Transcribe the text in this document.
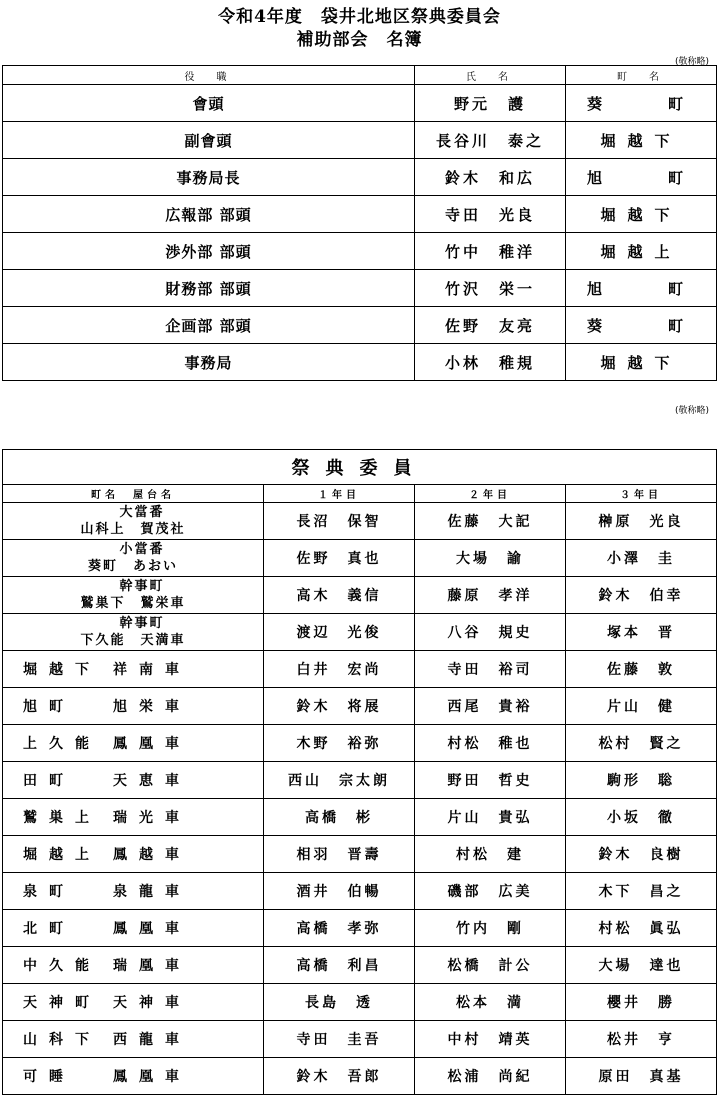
令和4年度　袋井北地区祭典委員会
補助部会　名簿
(敬称略)
役　職	氏　名	町　名
會頭	野元　護	葵　　町
副會頭	長谷川　泰之	堀越下
事務局長	鈴木　和広	旭　　町
広報部 部頭	寺田　光良	堀越下
渉外部 部頭	竹中　稚洋	堀越上
財務部 部頭	竹沢　栄一	旭　　町
企画部 部頭	佐野　友亮	葵　　町
事務局	小林　稚規	堀越下
(敬称略)
祭典委員			
町名　屋台名	１年目	２年目	３年目

大當番
山科上　賀茂社	長沼　保智	佐藤　大記	榊原　光良

小當番
葵町　あおい	佐野　真也	大場　諭	小澤　圭

幹事町
鷲巣下　鷲栄車	高木　義信	藤原　孝洋	鈴木　伯幸

幹事町
下久能　天満車	渡辺　光俊	八谷　規史	塚本　晋
堀越下 祥南車	白井　宏尚	寺田　裕司	佐藤　敦
旭町 旭栄車	鈴木　将展	西尾　貴裕	片山　健
上久能 鳳凰車	木野　裕弥	村松　稚也	松村　賢之
田町 天恵車	西山　宗太朗	野田　哲史	駒形　聡
鷲巣上 瑞光車	高橋　彬	片山　貴弘	小坂　徹
堀越上 鳳越車	相羽　晋壽	村松　建	鈴木　良樹
泉町 泉龍車	酒井　伯暢	磯部　広美	木下　昌之
北町 鳳凰車	高橋　孝弥	竹内　剛	村松　眞弘
中久能 瑞凰車	高橋　利昌	松橋　計公	大場　達也
天神町 天神車	長島　透	松本　満	櫻井　勝
山科下 西龍車	寺田　圭吾	中村　靖英	松井　亨
可睡 鳳凰車	鈴木　吾郎	松浦　尚紀	原田　真基
